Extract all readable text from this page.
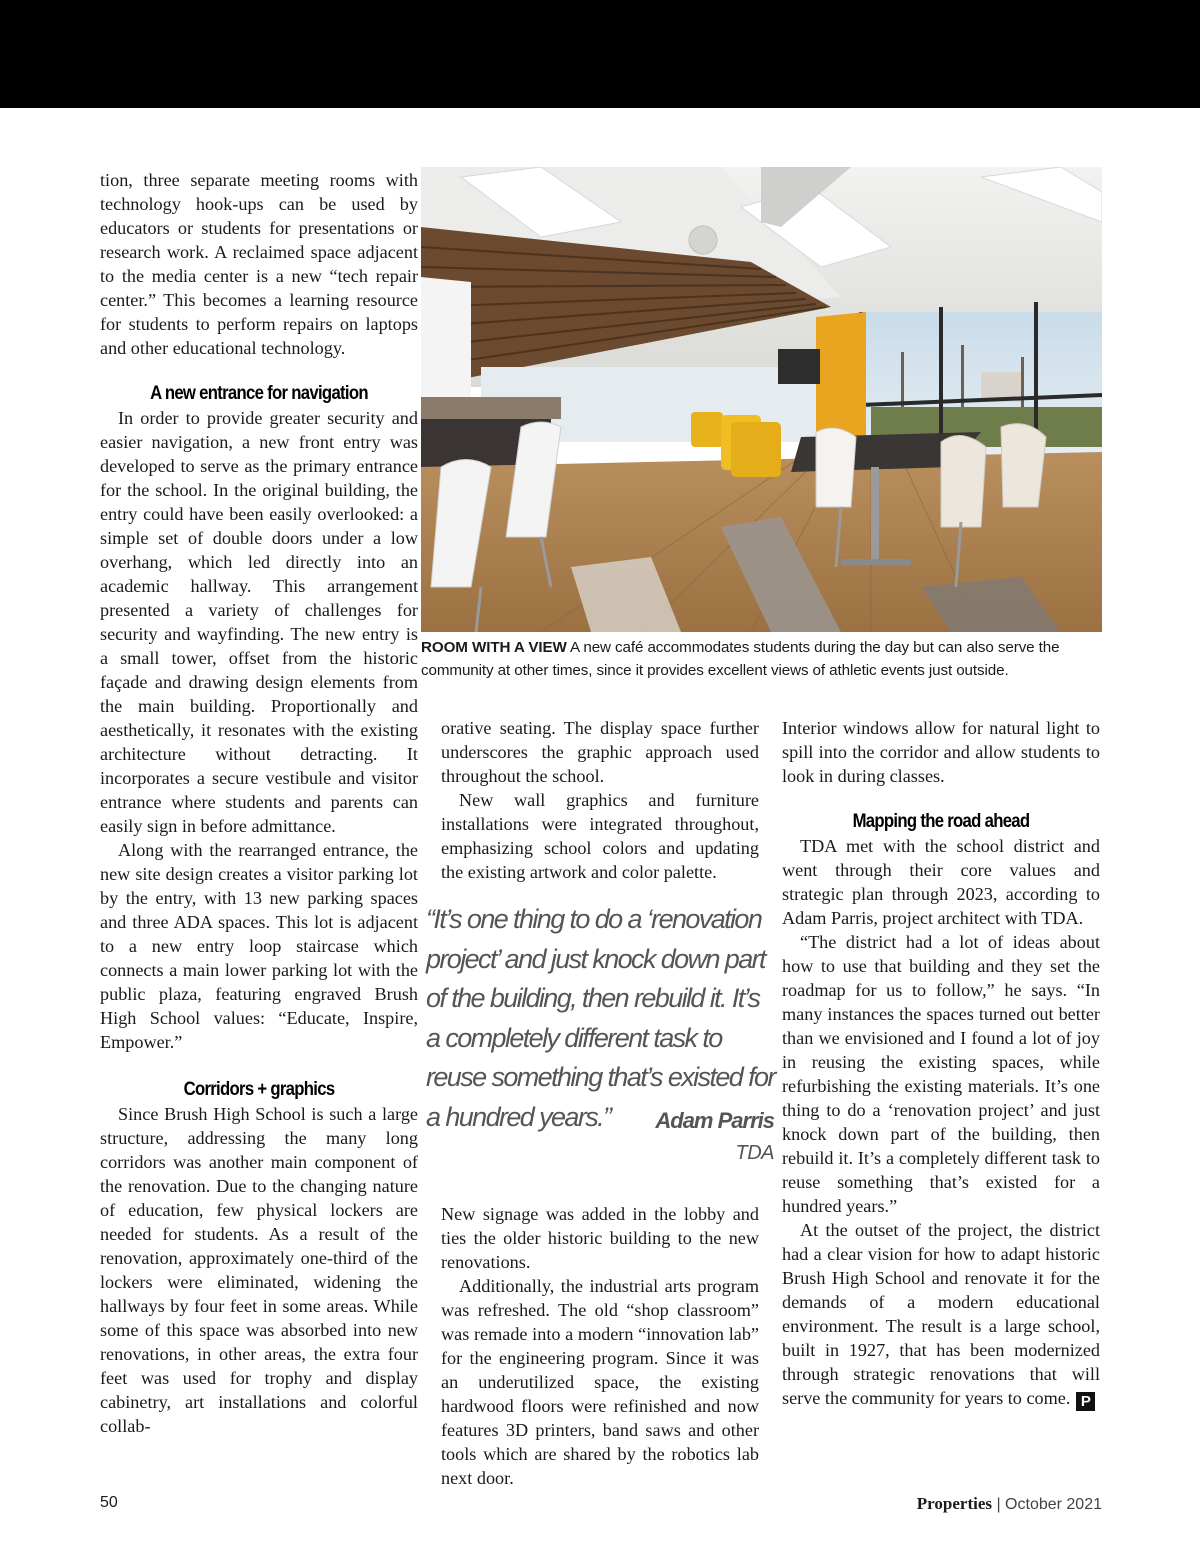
tion, three separate meeting rooms with technology hook-ups can be used by educators or students for presentations or research work. A reclaimed space adjacent to the media center is a new “tech repair center.” This becomes a learning resource for students to perform repairs on laptops and other educational technology.

A new entrance for navigation

In order to provide greater security and easier navigation, a new front entry was developed to serve as the primary entrance for the school. In the original building, the entry could have been easily overlooked: a simple set of double doors under a low overhang, which led directly into an academic hallway. This arrangement presented a variety of challenges for security and wayfinding. The new entry is a small tower, offset from the historic façade and drawing design elements from the main building. Proportionally and aesthetically, it resonates with the existing architecture without detracting. It incorporates a secure vestibule and visitor entrance where students and parents can easily sign in before admittance.

Along with the rearranged entrance, the new site design creates a visitor parking lot by the entry, with 13 new parking spaces and three ADA spaces. This lot is adjacent to a new entry loop staircase which connects a main lower parking lot with the public plaza, featuring engraved Brush High School values: “Educate, Inspire, Empower.”

Corridors + graphics

Since Brush High School is such a large structure, addressing the many long corridors was another main component of the renovation. Due to the changing nature of education, few physical lockers are needed for students. As a result of the renovation, approximately one-third of the lockers were eliminated, widening the hallways by four feet in some areas. While some of this space was absorbed into new renovations, in other areas, the extra four feet was used for trophy and display cabinetry, art installations and colorful collab-

ROOM WITH A VIEW A new café accommodates students during the day but can also serve the community at other times, since it provides excellent views of athletic events just outside.

orative seating. The display space further underscores the graphic approach used throughout the school.

New wall graphics and furniture installations were integrated throughout, emphasizing school colors and updating the existing artwork and color palette.

New signage was added in the lobby and ties the older historic building to the new renovations.

Additionally, the industrial arts program was refreshed. The old “shop classroom” was remade into a modern “innovation lab” for the engineering program. Since it was an underutilized space, the existing hardwood floors were refinished and now features 3D printers, band saws and other tools which are shared by the robotics lab next door.

“It’s one thing to do a ‘renovation project’ and just knock down part of the building, then rebuild it. It’s a completely different task to reuse something that’s existed for a hundred years.”	Adam Parris
TDA

Interior windows allow for natural light to spill into the corridor and allow students to look in during classes.

Mapping the road ahead

TDA met with the school district and went through their core values and strategic plan through 2023, according to Adam Parris, project architect with TDA.

“The district had a lot of ideas about how to use that building and they set the roadmap for us to follow,” he says. “In many instances the spaces turned out better than we envisioned and I found a lot of joy in reusing the existing spaces, while refurbishing the existing materials. It’s one thing to do a ‘renovation project’ and just knock down part of the building, then rebuild it. It’s a completely different task to reuse something that’s existed for a hundred years.”

At the outset of the project, the district had a clear vision for how to adapt historic Brush High School and renovate it for the demands of a modern educational environment. The result is a large school, built in 1927, that has been modernized through strategic renovations that will serve the community for years to come. P

50	Properties | October 2021
